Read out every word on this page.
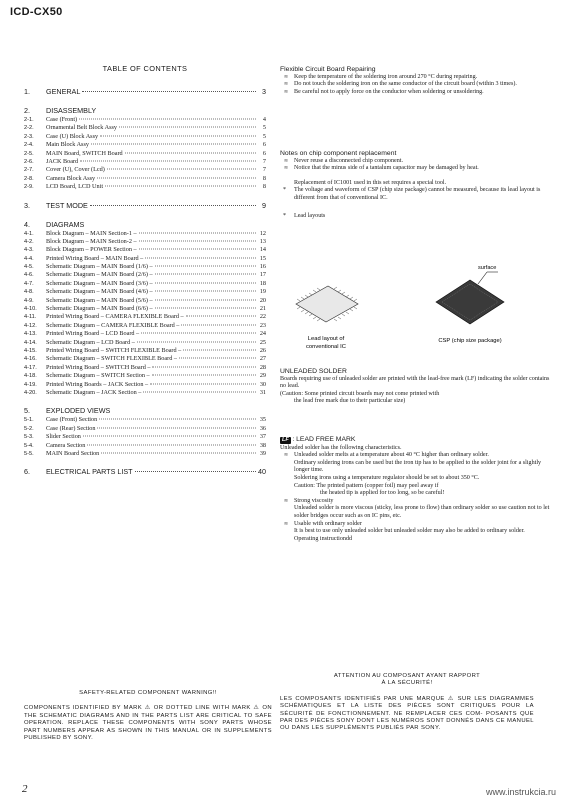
ICD-CX50
TABLE OF CONTENTS
1.	GENERAL	3
2.	DISASSEMBLY
2-1.	Case (Front)	4
2-2.	Ornamental Belt Block Assy	5
2-3.	Case (U) Block Assy	5
2-4.	Main Block Assy	6
2-5.	MAIN Board, SWITCH Board	6
2-6.	JACK Board	7
2-7.	Cover (U), Cover (Lcd)	7
2-8.	Camera Block Assy	8
2-9.	LCD Board, LCD Unit	8
3.	TEST MODE	9
4.	DIAGRAMS
4-1.	Block Diagram – MAIN Section-1 –	12
4-2.	Block Diagram – MAIN Section-2 –	13
4-3.	Block Diagram – POWER Section –	14
4-4.	Printed Wiring Board – MAIN Board –	15
4-5.	Schematic Diagram – MAIN Board (1/6) –	16
4-6.	Schematic Diagram – MAIN Board (2/6) –	17
4-7.	Schematic Diagram – MAIN Board (3/6) –	18
4-8.	Schematic Diagram – MAIN Board (4/6) –	19
4-9.	Schematic Diagram – MAIN Board (5/6) –	20
4-10.	Schematic Diagram – MAIN Board (6/6) –	21
4-11.	Printed Wiring Board – CAMERA FLEXIBLE Board –	22
4-12.	Schematic Diagram – CAMERA FLEXIBLE Board –	23
4-13.	Printed Wiring Board – LCD Board –	24
4-14.	Schematic Diagram – LCD Board –	25
4-15.	Printed Wiring Board – SWITCH FLEXIBLE Board –	26
4-16.	Schematic Diagram – SWITCH FLEXIBLE Board –	27
4-17.	Printed Wiring Board – SWITCH Board –	28
4-18.	Schematic Diagram – SWITCH Section –	29
4-19.	Printed Wiring Boards – JACK Section –	30
4-20.	Schematic Diagram – JACK Section –	31
5.	EXPLODED VIEWS
5-1.	Case (Front) Section	35
5-2.	Case (Rear) Section	36
5-3.	Slider Section	37
5-4.	Camera Section	38
5-5.	MAIN Board Section	39
6.	ELECTRICAL PARTS LIST	40
Flexible Circuit Board Repairing
∞ Keep the temperature of the soldering iron around 270 °C during repairing.
∞ Do not touch the soldering iron on the same conductor of the circuit board (within 3 times).
∞ Be careful not to apply force on the conductor when soldering or unsoldering.
Notes on chip component replacement
∞ Never reuse a disconnected chip component.
∞ Notice that the minus side of a tantalum capacitor may be damaged by heat.
Replacement of IC1001 used in this set requires a special tool.
* The voltage and waveform of CSP (chip size package) cannot be measured, because its lead layout is different from that of conventional IC.
* Lead layouts
surface
Lead layout of
conventional IC
CSP (chip size package)
UNLEADED SOLDER
Boards requiring use of unleaded solder are printed with the lead-free mark (LF) indicating the solder contains no lead.
(Caution: Some printed circuit boards may not come printed with
the lead free mark due to their particular size)
LF : LEAD FREE MARK
Unleaded solder has the following characteristics.
∞ Unleaded solder melts at a temperature about 40 °C higher than ordinary solder.
Ordinary soldering irons can be used but the iron tip has to be applied to the solder joint for a slightly longer time.
Soldering irons using a temperature regulator should be set to about 350 °C.
Caution: The printed pattern (copper foil) may peel away if
the heated tip is applied for too long, so be careful!
∞ Strong viscosity
Unleaded solder is more viscous (sticky, less prone to flow) than ordinary solder so use caution not to let solder bridges occur such as on IC pins, etc.
∞ Usable with ordinary solder
It is best to use only unleaded solder but unleaded solder may also be added to ordinary solder. Operating instructiondd
SAFETY-RELATED COMPONENT WARNING!!
COMPONENTS IDENTIFIED BY MARK ⚠ OR DOTTED LINE WITH MARK ⚠ ON THE SCHEMATIC DIAGRAMS AND IN THE PARTS LIST ARE CRITICAL TO SAFE OPERATION. REPLACE THESE COMPONENTS WITH SONY PARTS WHOSE PART NUMBERS APPEAR AS SHOWN IN THIS MANUAL OR IN SUPPLEMENTS PUBLISHED BY SONY.
ATTENTION AU COMPOSANT AYANT RAPPORT
À LA SÉCURITÉ!
LES COMPOSANTS IDENTIFIÉS PAR UNE MARQUE ⚠ SUR LES DIAGRAMMES SCHÉMATIQUES ET LA LISTE DES PIÈCES SONT CRITIQUES POUR LA SÉCURITÉ DE FONCTIONNEMENT. NE REMPLACER CES COM- POSANTS QUE PAR DES PIÈCES SONY DONT LES NUMÉROS SONT DONNÉS DANS CE MANUEL OU DANS LES SUPPLÉMENTS PUBLIÉS PAR SONY.
2	www.instrukcia.ru
